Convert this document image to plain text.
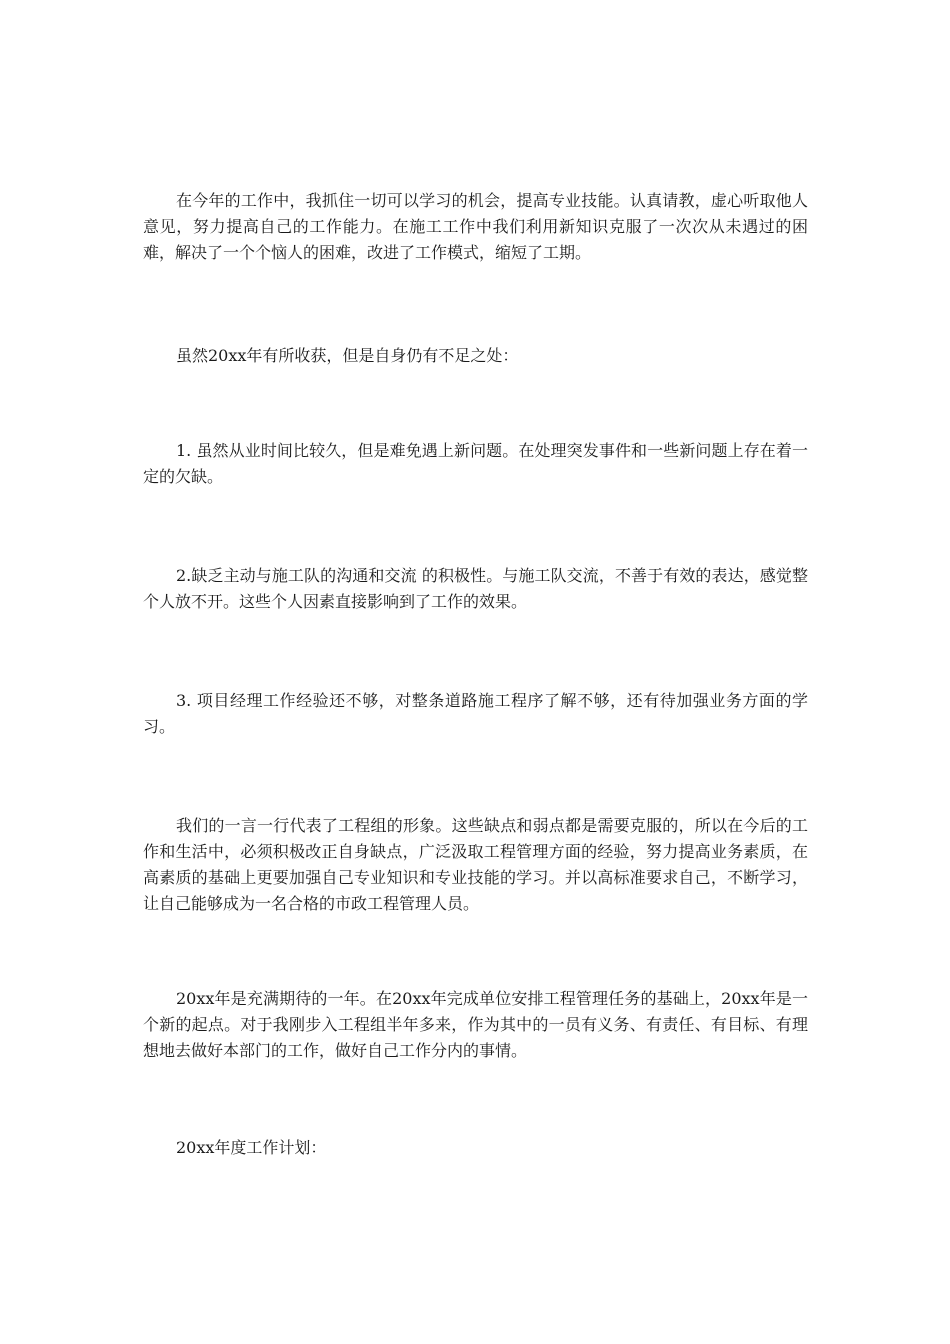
在今年的工作中，我抓住一切可以学习的机会，提高专业技能。认真请教，虚心听取他人意见，努力提高自己的工作能力。在施工工作中我们利用新知识克服了一次次从未遇过的困难，解决了一个个恼人的困难，改进了工作模式，缩短了工期。

虽然20xx年有所收获，但是自身仍有不足之处：

1. 虽然从业时间比较久，但是难免遇上新问题。在处理突发事件和一些新问题上存在着一定的欠缺。

2.缺乏主动与施工队的沟通和交流 的积极性。与施工队交流，不善于有效的表达，感觉整个人放不开。这些个人因素直接影响到了工作的效果。

3. 项目经理工作经验还不够，对整条道路施工程序了解不够，还有待加强业务方面的学习。

我们的一言一行代表了工程组的形象。这些缺点和弱点都是需要克服的，所以在今后的工作和生活中，必须积极改正自身缺点，广泛汲取工程管理方面的经验，努力提高业务素质，在高素质的基础上更要加强自己专业知识和专业技能的学习。并以高标准要求自己，不断学习，让自己能够成为一名合格的市政工程管理人员。

20xx年是充满期待的一年。在20xx年完成单位安排工程管理任务的基础上，20xx年是一个新的起点。对于我刚步入工程组半年多来，作为其中的一员有义务、有责任、有目标、有理想地去做好本部门的工作，做好自己工作分内的事情。

20xx年度工作计划：
